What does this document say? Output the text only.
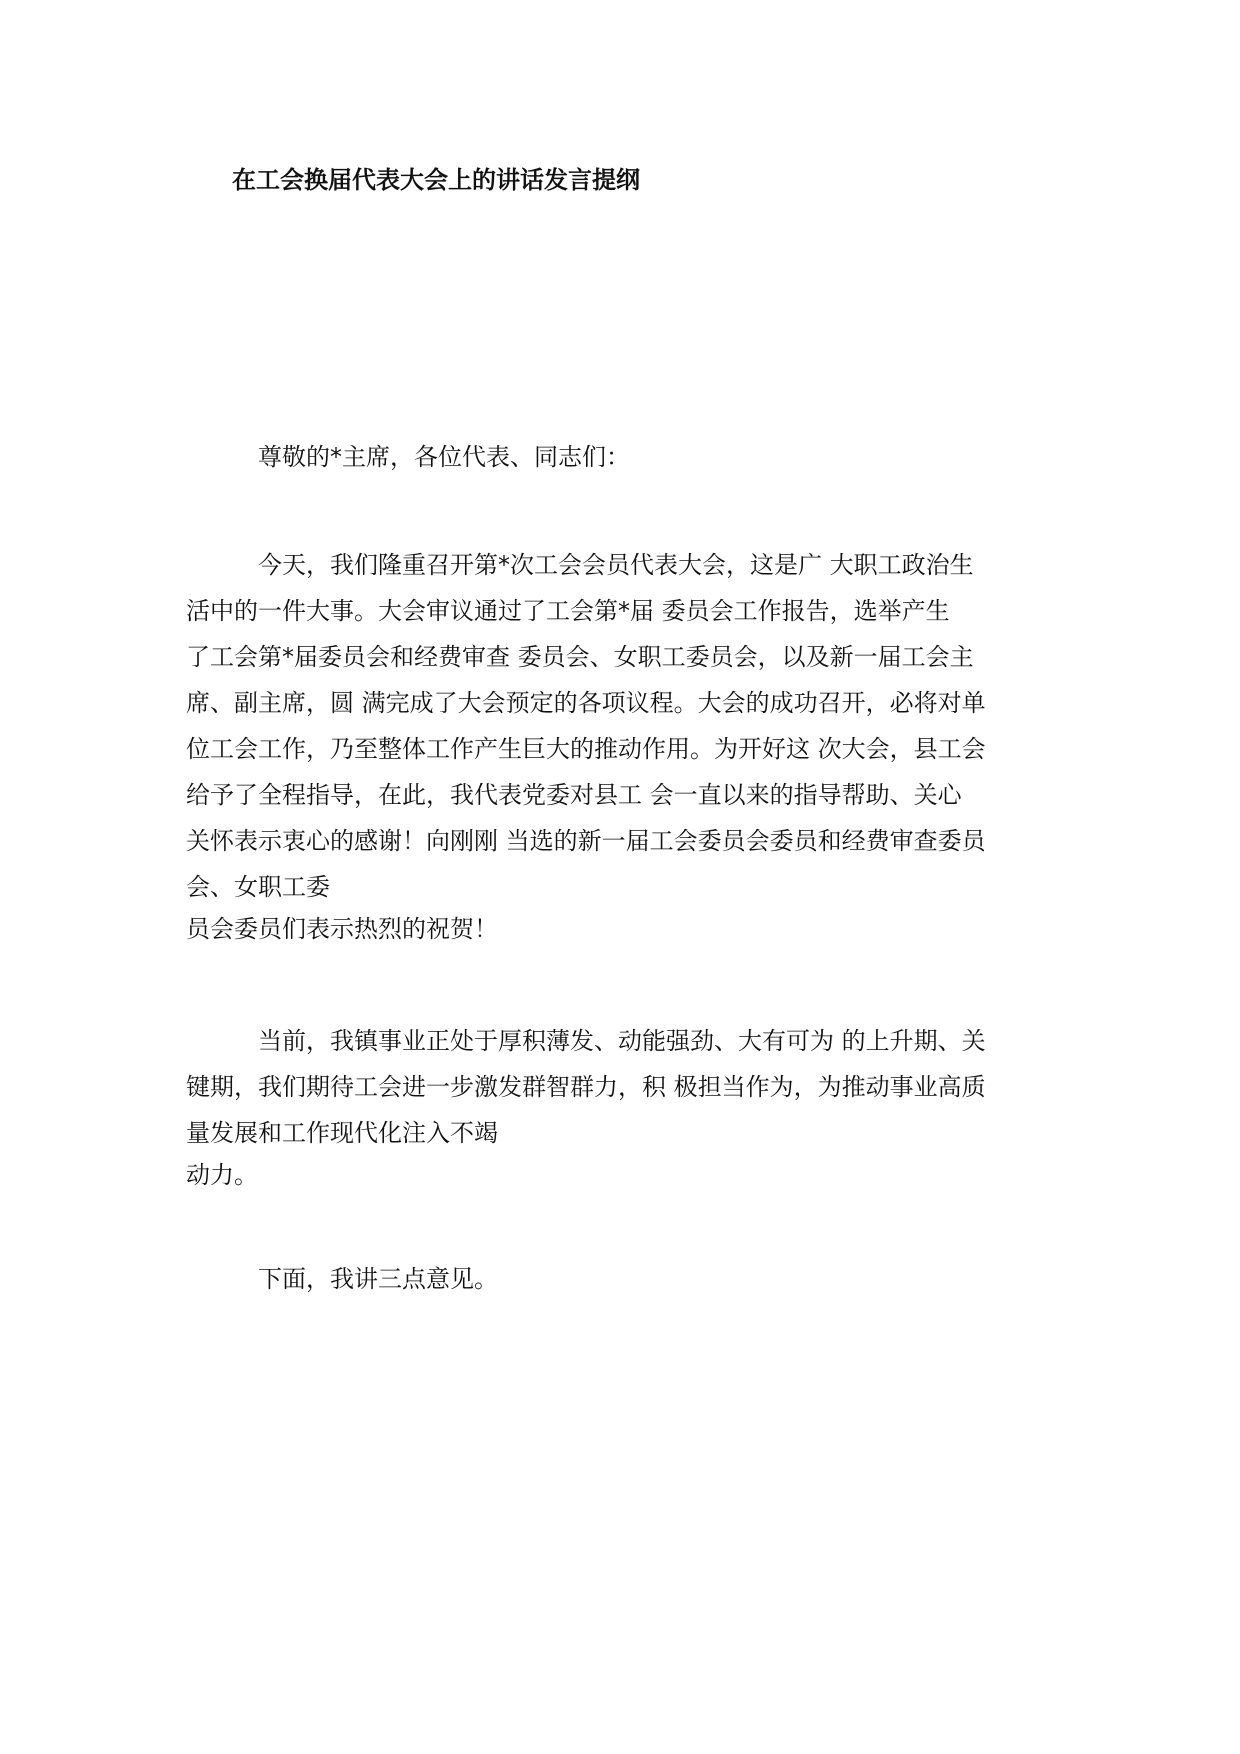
在工会换届代表大会上的讲话发言提纲
尊敬的*主席，各位代表、同志们：
今天，我们隆重召开第*次工会会员代表大会，这是广 大职工政治生
活中的一件大事。大会审议通过了工会第*届 委员会工作报告，选举产生
了工会第*届委员会和经费审查 委员会、女职工委员会，以及新一届工会主
席、副主席，圆 满完成了大会预定的各项议程。大会的成功召开，必将对单
位工会工作，乃至整体工作产生巨大的推动作用。为开好这 次大会，县工会
给予了全程指导，在此，我代表党委对县工 会一直以来的指导帮助、关心
关怀表示衷心的感谢！向刚刚 当选的新一届工会委员会委员和经费审查委员
会、女职工委
员会委员们表示热烈的祝贺！
当前，我镇事业正处于厚积薄发、动能强劲、大有可为 的上升期、关
键期，我们期待工会进一步激发群智群力，积 极担当作为，为推动事业高质
量发展和工作现代化注入不竭
动力。
下面，我讲三点意见。
